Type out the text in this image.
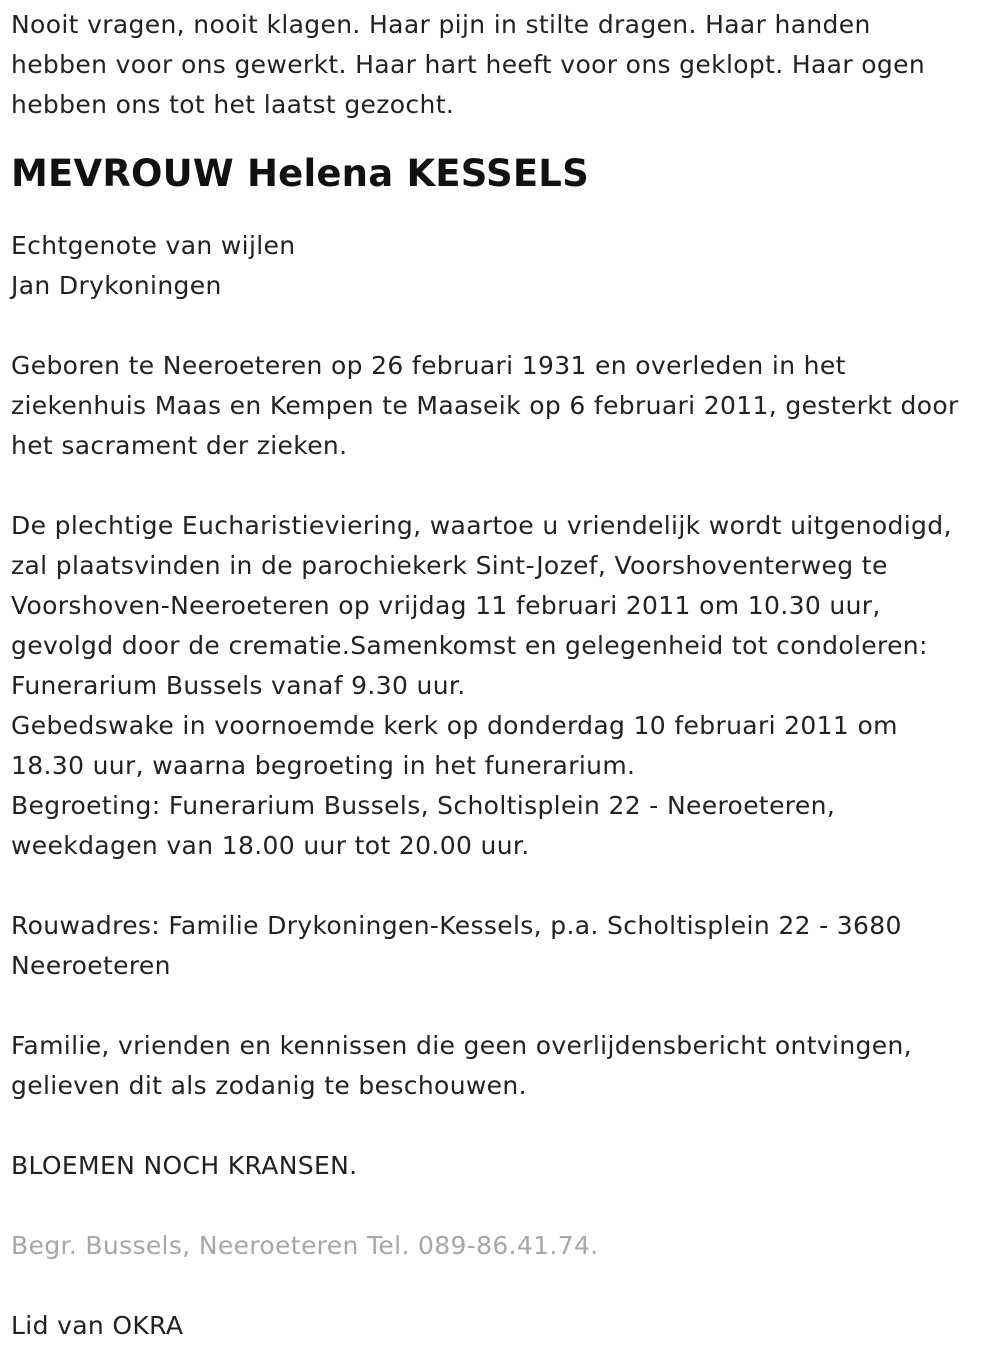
Nooit vragen, nooit klagen. Haar pijn in stilte dragen. Haar handen

hebben voor ons gewerkt. Haar hart heeft voor ons geklopt. Haar ogen

hebben ons tot het laatst gezocht.

MEVROUW Helena KESSELS

Echtgenote van wijlen

Jan Drykoningen

Geboren te Neeroeteren op 26 februari 1931 en overleden in het

ziekenhuis Maas en Kempen te Maaseik op 6 februari 2011, gesterkt door

het sacrament der zieken.

De plechtige Eucharistieviering, waartoe u vriendelijk wordt uitgenodigd,

zal plaatsvinden in de parochiekerk Sint-Jozef, Voorshoventerweg te

Voorshoven-Neeroeteren op vrijdag 11 februari 2011 om 10.30 uur,

gevolgd door de crematie.Samenkomst en gelegenheid tot condoleren:

Funerarium Bussels vanaf 9.30 uur.

Gebedswake in voornoemde kerk op donderdag 10 februari 2011 om

18.30 uur, waarna begroeting in het funerarium.

Begroeting: Funerarium Bussels, Scholtisplein 22 - Neeroeteren,

weekdagen van 18.00 uur tot 20.00 uur.

Rouwadres: Familie Drykoningen-Kessels, p.a. Scholtisplein 22 - 3680

Neeroeteren

Familie, vrienden en kennissen die geen overlijdensbericht ontvingen,

gelieven dit als zodanig te beschouwen.

BLOEMEN NOCH KRANSEN.

Begr. Bussels, Neeroeteren Tel. 089-86.41.74.

Lid van OKRA
